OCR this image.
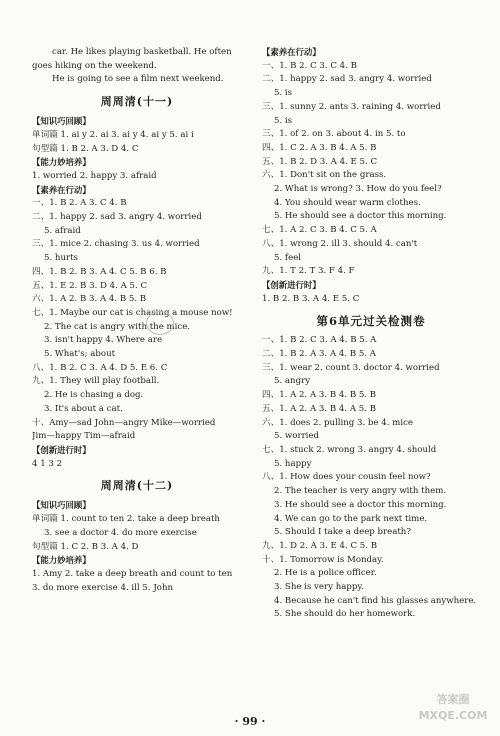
car. He likes playing basketball. He often
goes hiking on the weekend.
He is going to see a film next weekend.
周周清(十一)
【知识巧回顾】
单词篇 1. ai y 2. ai 3. ai y 4. ai y 5. ai i
句型篇 1. B 2. A 3. D 4. C
【能力妙培养】
1. worried 2. happy 3. afraid
【素养在行动】
一、1. B 2. A 3. C 4. B
二、1. happy 2. sad 3. angry 4. worried
5. afraid
三、1. mice 2. chasing 3. us 4. worried
5. hurts
四、1. B 2. B 3. A 4. C 5. B 6. B
五、1. E 2. B 3. D 4. A 5. C
六、1. A 2. B 3. A 4. B 5. B
七、1. Maybe our cat is chasing a mouse now!
2. The cat is angry with the mice.
3. isn't happy 4. Where are
5. What's; about
八、1. B 2. C 3. A 4. D 5. E 6. C
九、1. They will play football.
2. He is chasing a dog.
3. It's about a cat.
十、Amy—sad John—angry Mike—worried
Jim—happy Tim—afraid
【创新进行时】
4 1 3 2
周周清(十二)
【知识巧回顾】
单词篇 1. count to ten 2. take a deep breath
3. see a doctor 4. do more exercise
句型篇 1. C 2. B 3. A 4. D
【能力妙培养】
1. Amy 2. take a deep breath and count to ten
3. do more exercise 4. ill 5. John
【素养在行动】
一、1. B 2. C 3. C 4. B
二、1. happy 2. sad 3. angry 4. worried
5. is
三、1. sunny 2. ants 3. raining 4. worried
5. is
三、1. of 2. on 3. about 4. in 5. to
四、1. C 2. A 3. B 4. A 5. B
五、1. B 2. D 3. A 4. E 5. C
六、1. Don't sit on the grass.
2. What is wrong? 3. How do you feel?
4. You should wear warm clothes.
5. He should see a doctor this morning.
七、1. A 2. C 3. B 4. C 5. A
八、1. wrong 2. ill 3. should 4. can't
5. feel
九、1. T 2. T 3. F 4. F
【创新进行时】
1. B 2. B 3. A 4. E 5. C
第6单元过关检测卷
一、1. B 2. C 3. A 4. B 5. A
二、1. B 2. A 3. A 4. B 5. A
三、1. wear 2. count 3. doctor 4. worried
5. angry
四、1. A 2. A 3. B 4. B 5. B
五、1. A 2. A 3. B 4. A 5. B
六、1. does 2. pulling 3. be 4. mice
5. worried
七、1. stuck 2. wrong 3. angry 4. should
5. happy
八、1. How does your cousin feel now?
2. The teacher is very angry with them.
3. He should see a doctor this morning.
4. We can go to the park next time.
5. Should I take a deep breath?
九、1. D 2. A 3. E 4. C 5. B
十、1. Tomorrow is Monday.
2. He is a police officer.
3. She is very happy.
4. Because he can't find his glasses anywhere.
5. She should do her homework.
· 99 ·
答案圈 MXQE.COM
